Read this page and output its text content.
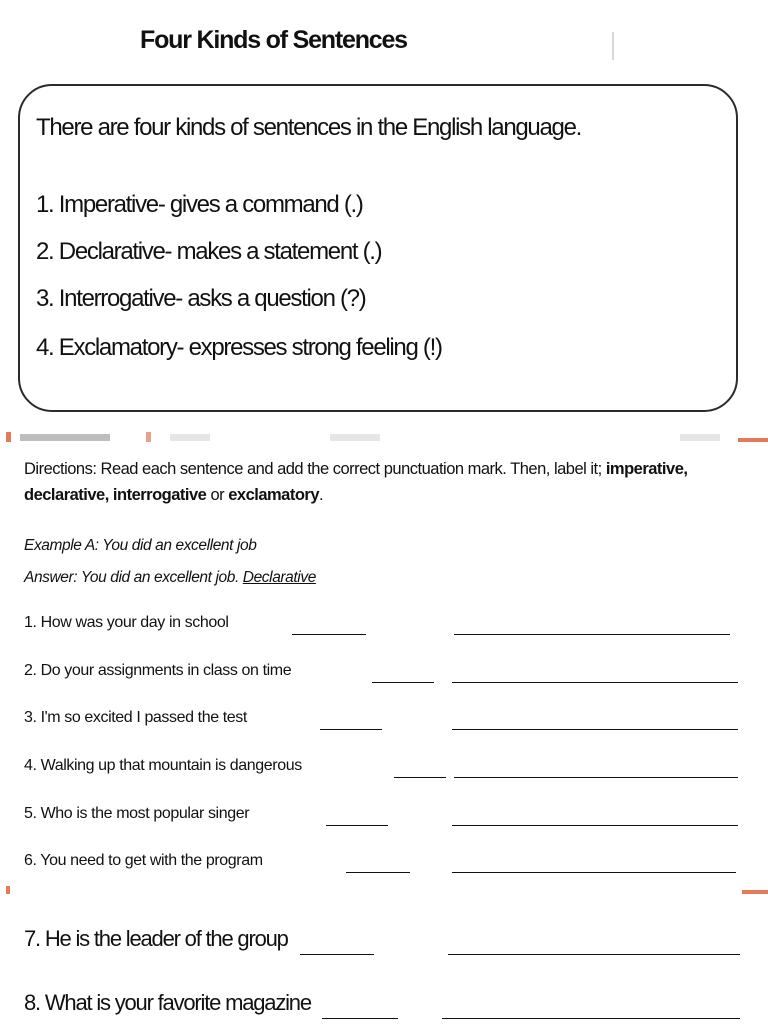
Four Kinds of Sentences
There are four kinds of sentences in the English language.
1. Imperative- gives a command (.)
2. Declarative- makes a statement (.)
3. Interrogative- asks a question (?)
4. Exclamatory- expresses strong feeling (!)
Directions: Read each sentence and add the correct punctuation mark. Then, label it; imperative, declarative, interrogative or exclamatory.
Example A: You did an excellent job
Answer: You did an excellent job. Declarative
1. How was your day in school
2. Do your assignments in class on time
3. I'm so excited I passed the test
4. Walking up that mountain is dangerous
5. Who is the most popular singer
6. You need to get with the program
7. He is the leader of the group
8. What is your favorite magazine
